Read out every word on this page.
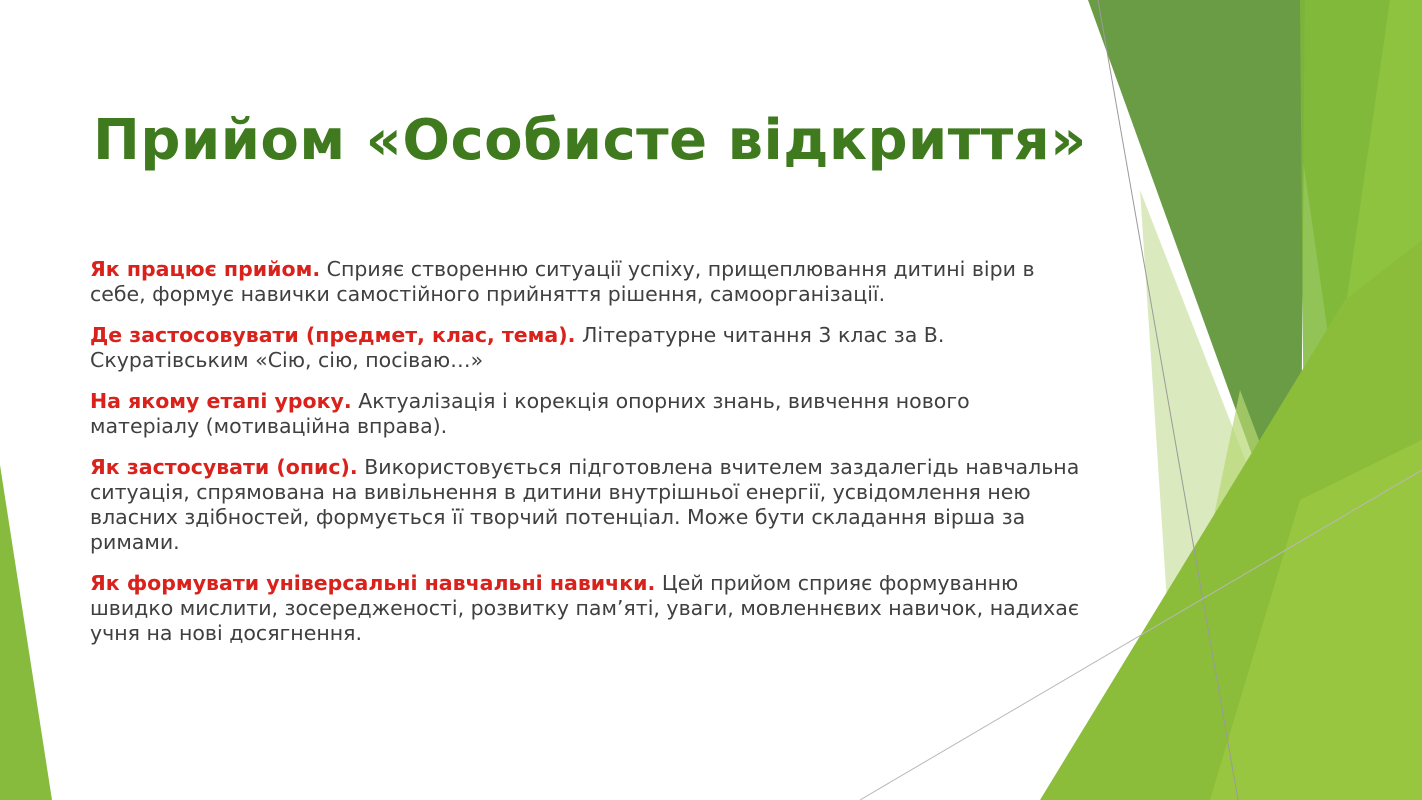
Прийом «Особисте відкриття»

Як працює прийом. Сприяє створенню ситуації успіху, прищеплювання дитині віри в себе, формує навички самостійного прийняття рішення, самоорганізації.

Де застосовувати (предмет, клас, тема). Літературне читання 3 клас за В. Скуратівським «Сію, сію, посіваю…»

На якому етапі уроку. Актуалізація і корекція опорних знань, вивчення нового матеріалу (мотиваційна вправа).

Як застосувати (опис). Використовується підготовлена вчителем заздалегідь навчальна ситуація, спрямована на вивільнення в дитини внутрішньої енергії, усвідомлення нею власних здібностей, формується її творчий потенціал. Може бути складання вірша за римами.

Як формувати універсальні навчальні навички. Цей прийом сприяє формуванню швидко мислити, зосередженості, розвитку пам’яті, уваги, мовленнєвих навичок, надихає учня на нові досягнення.
